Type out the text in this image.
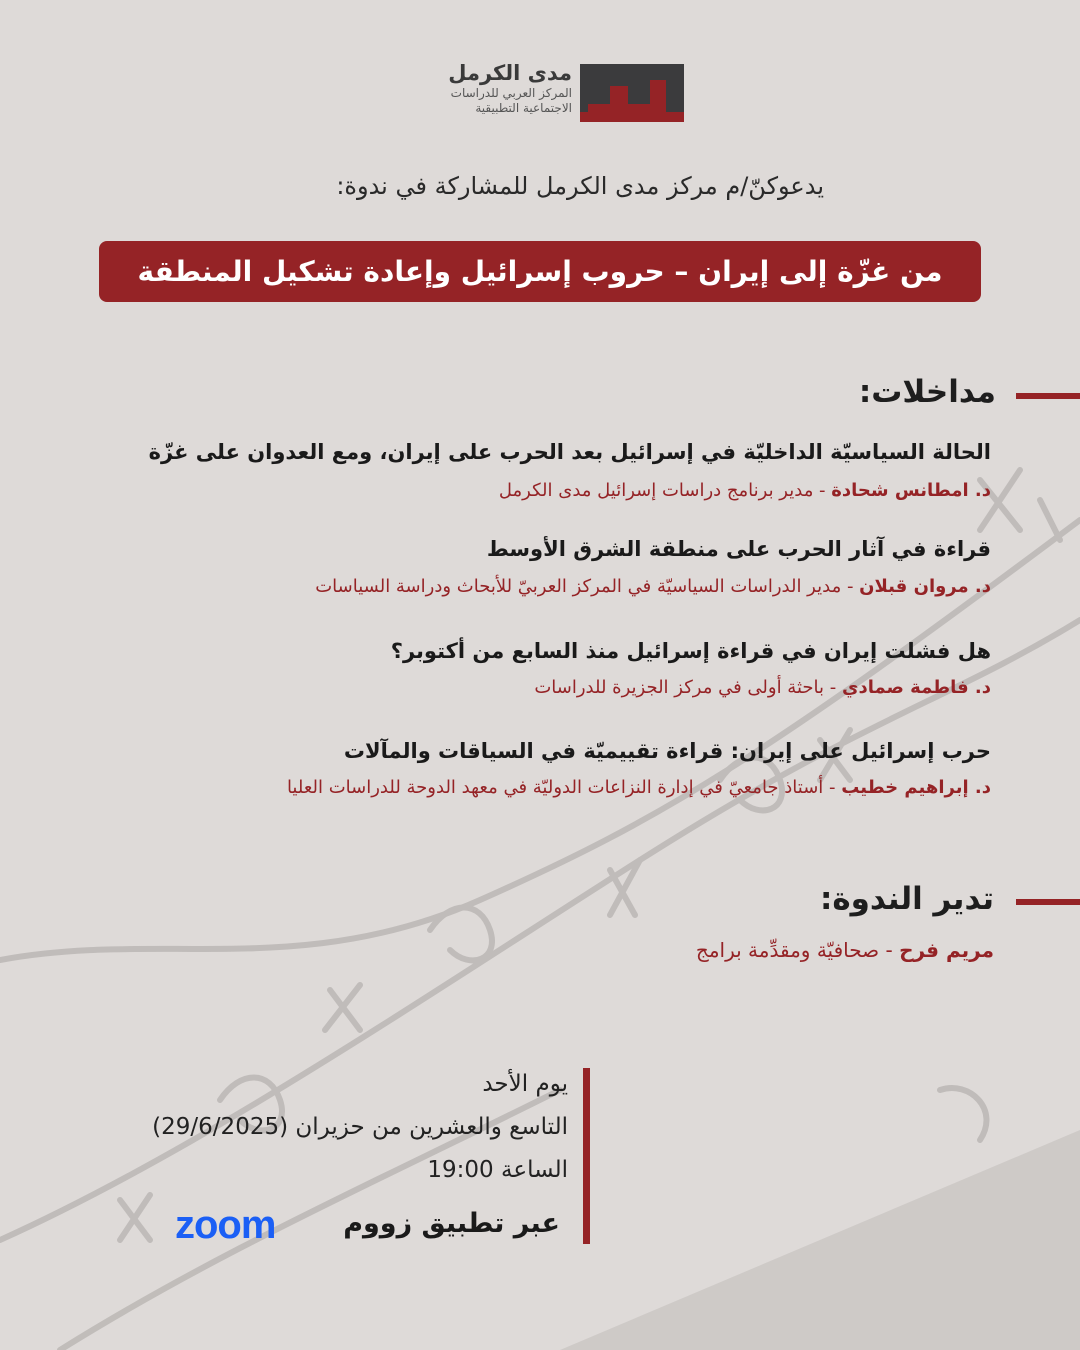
مدى الكرمل
المركز العربي للدراسات
الاجتماعية التطبيقية
يدعوكنّ/م مركز مدى الكرمل للمشاركة في ندوة:
من غزّة إلى إيران – حروب إسرائيل وإعادة تشكيل المنطقة
مداخلات:
الحالة السياسيّة الداخليّة في إسرائيل بعد الحرب على إيران، ومع العدوان على غزّة
د. امطانس شحادة - مدير برنامج دراسات إسرائيل مدى الكرمل
قراءة في آثار الحرب على منطقة الشرق الأوسط
د. مروان قبلان - مدير الدراسات السياسيّة في المركز العربيّ للأبحاث ودراسة السياسات
هل فشلت إيران في قراءة إسرائيل منذ السابع من أكتوبر؟
د. فاطمة صمادي - باحثة أولى في مركز الجزيرة للدراسات
حرب إسرائيل على إيران: قراءة تقييميّة في السياقات والمآلات
د. إبراهيم خطيب - أستاذ جامعيّ في إدارة النزاعات الدوليّة في معهد الدوحة للدراسات العليا
تدير الندوة:
مريم فرح - صحافيّة ومقدِّمة برامج
يوم الأحد
التاسع والعشرين من حزيران (29/6/2025)
الساعة 19:00
عبر تطبيق زووم
zoom
